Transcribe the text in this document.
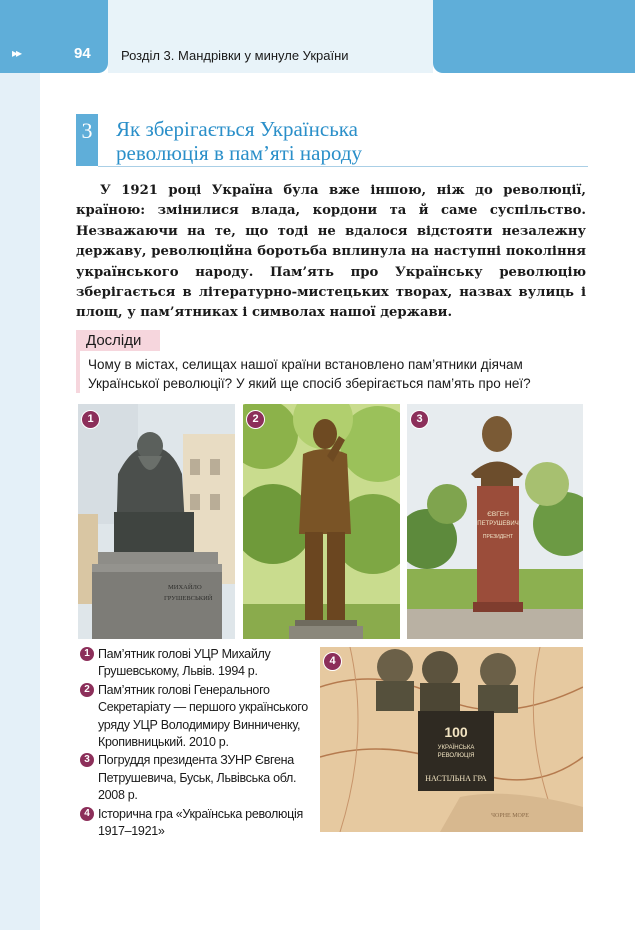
▸▸	94 Розділ 3. Мандрівки у минуле України
3 Як зберігається Українська
революція в пам’яті народу

У 1921 році Україна була вже іншою, ніж до революції, країною: змінилися влада, кордони та й саме суспільство. Незважаючи на те, що тоді не вдалося відстояти незалежну державу, революційна боротьба вплинула на наступні покоління українського народу. Пам’ять про Українську революцію зберігається в літературно-мистецьких творах, назвах вулиць і площ, у пам’ятниках і символах нашої держави.

Досліди

Чому в містах, селищах нашої країни встановлено пам’ятники діячам Української революції? У який ще спосіб зберігається пам’ять про неї?

МИХАЙЛО
ГРУШЕВСЬКИЙ
1	2
ЄВГЕН
ПЕТРУШЕВИЧ
ПРЕЗИДЕНТ
3
100
УКРАЇНСЬКА
РЕВОЛЮЦІЯ
НАСТІЛЬНА ГРА
ЧОРНЕ МОРЕ
4
1 Пам’ятник голові УЦР Михайлу Грушевському, Львів. 1994 р.
2 Пам’ятник голові Генерального Секретаріату — першого українського уряду УЦР Володимиру Винниченку, Кропивницький. 2010 р.
3 Погруддя президента ЗУНР Євгена Петрушевича, Буськ, Львівська обл. 2008 р.
4 Історична гра «Українська революція 1917–1921»
